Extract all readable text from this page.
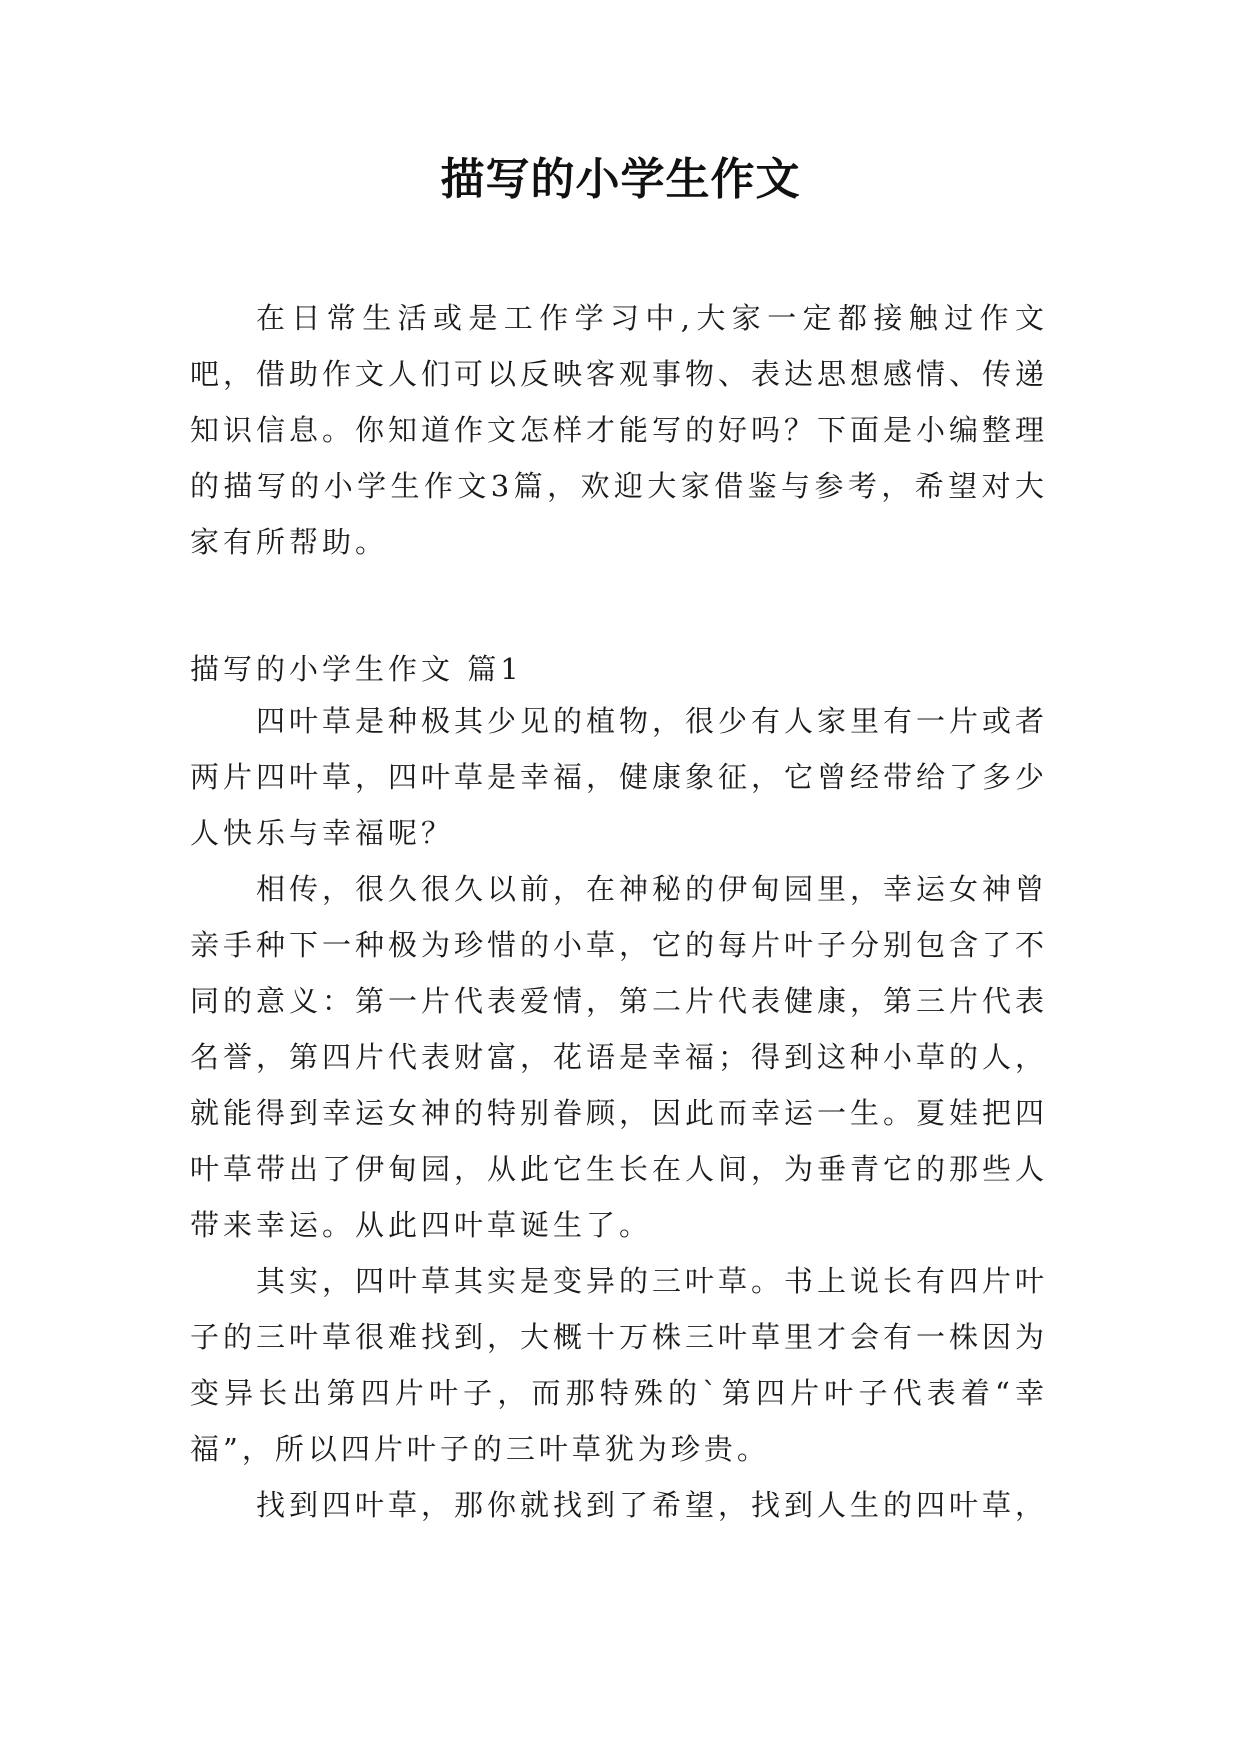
描写的小学生作文

在日常生活或是工作学习中,大家一定都接触过作文吧，借助作文人们可以反映客观事物、表达思想感情、传递知识信息。你知道作文怎样才能写的好吗？下面是小编整理的描写的小学生作文3篇，欢迎大家借鉴与参考，希望对大家有所帮助。

描写的小学生作文 篇1

四叶草是种极其少见的植物，很少有人家里有一片或者两片四叶草，四叶草是幸福，健康象征，它曾经带给了多少人快乐与幸福呢？

相传，很久很久以前，在神秘的伊甸园里，幸运女神曾亲手种下一种极为珍惜的小草，它的每片叶子分别包含了不同的意义：第一片代表爱情，第二片代表健康，第三片代表名誉，第四片代表财富，花语是幸福；得到这种小草的人，就能得到幸运女神的特别眷顾，因此而幸运一生。夏娃把四叶草带出了伊甸园，从此它生长在人间，为垂青它的那些人带来幸运。从此四叶草诞生了。

其实，四叶草其实是变异的三叶草。书上说长有四片叶子的三叶草很难找到，大概十万株三叶草里才会有一株因为变异长出第四片叶子，而那特殊的`第四片叶子代表着“幸福”，所以四片叶子的三叶草犹为珍贵。

找到四叶草，那你就找到了希望，找到人生的四叶草，
